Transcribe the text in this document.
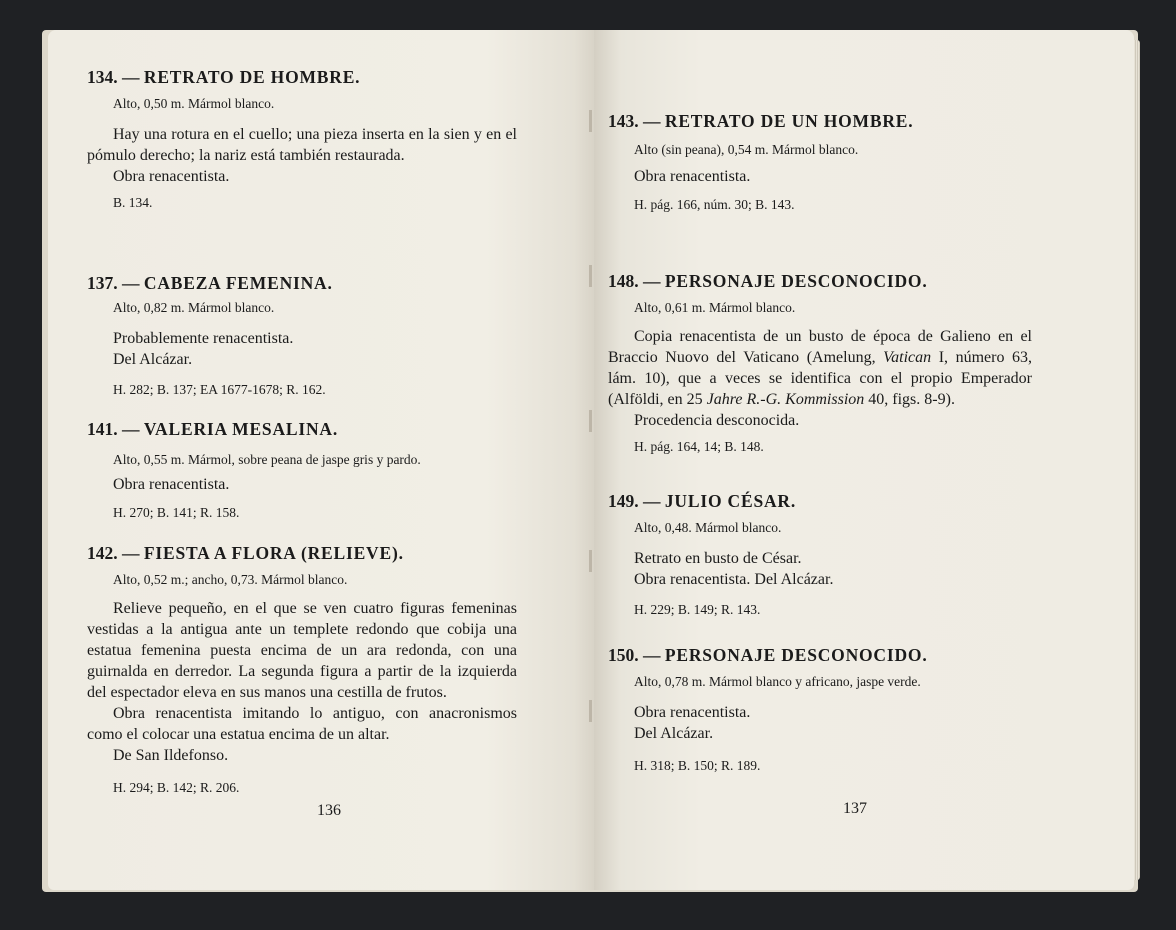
134. — RETRATO DE HOMBRE.

Alto, 0,50 m. Mármol blanco.

Hay una rotura en el cuello; una pieza inserta en la sien y en el pómulo derecho; la nariz está también restaurada.

Obra renacentista.

B. 134.

137. — CABEZA FEMENINA.

Alto, 0,82 m. Mármol blanco.

Probablemente renacentista.

Del Alcázar.

H. 282; B. 137; EA 1677-1678; R. 162.

141. — VALERIA MESALINA.

Alto, 0,55 m. Mármol, sobre peana de jaspe gris y pardo.

Obra renacentista.

H. 270; B. 141; R. 158.

142. — FIESTA A FLORA (RELIEVE).

Alto, 0,52 m.; ancho, 0,73. Mármol blanco.

Relieve pequeño, en el que se ven cuatro figuras femeninas vestidas a la antigua ante un templete redondo que cobija una estatua femenina puesta encima de un ara redonda, con una guirnalda en derredor. La segunda figura a partir de la izquierda del espectador eleva en sus manos una cestilla de frutos.

Obra renacentista imitando lo antiguo, con anacronismos como el colocar una estatua encima de un altar.

De San Ildefonso.

H. 294; B. 142; R. 206.

136

143. — RETRATO DE UN HOMBRE.

Alto (sin peana), 0,54 m. Mármol blanco.

Obra renacentista.

H. pág. 166, núm. 30; B. 143.

148. — PERSONAJE DESCONOCIDO.

Alto, 0,61 m. Mármol blanco.

Copia renacentista de un busto de época de Galieno en el Braccio Nuovo del Vaticano (Amelung, Vatican I, número 63, lám. 10), que a veces se identifica con el propio Emperador (Alföldi, en 25 Jahre R.-G. Kommission 40, figs. 8-9).

Procedencia desconocida.

H. pág. 164, 14; B. 148.

149. — JULIO CÉSAR.

Alto, 0,48. Mármol blanco.

Retrato en busto de César.

Obra renacentista. Del Alcázar.

H. 229; B. 149; R. 143.

150. — PERSONAJE DESCONOCIDO.

Alto, 0,78 m. Mármol blanco y africano, jaspe verde.

Obra renacentista.

Del Alcázar.

H. 318; B. 150; R. 189.

137
